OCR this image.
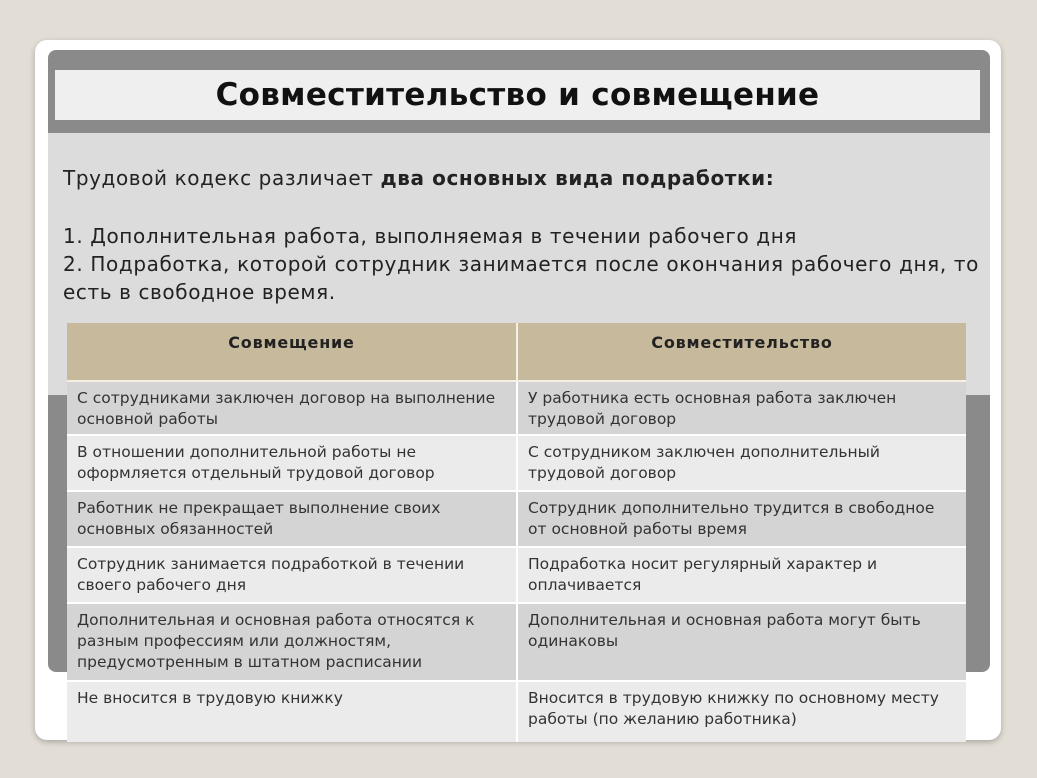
Совместительство и совмещение

Трудовой кодекс различает два основных вида подработки:

1. Дополнительная работа, выполняемая в течении рабочего дня

2. Подработка, которой сотрудник занимается после окончания рабочего дня, то есть в свободное время.

Совмещение	Совместительство
С сотрудниками заключен договор на выполнение основной работы	У работника есть основная работа заключен трудовой договор
В отношении дополнительной работы не оформляется отдельный трудовой договор	С сотрудником заключен дополнительный трудовой договор
Работник не прекращает выполнение своих основных обязанностей	Сотрудник дополнительно трудится в свободное от основной работы время
Сотрудник занимается подработкой в течении своего рабочего дня	Подработка носит регулярный характер и оплачивается
Дополнительная и основная работа относятся к разным профессиям или должностям, предусмотренным в штатном расписании	Дополнительная и основная работа могут быть одинаковы
Не вносится в трудовую книжку	Вносится в трудовую книжку по основному месту работы (по желанию работника)
